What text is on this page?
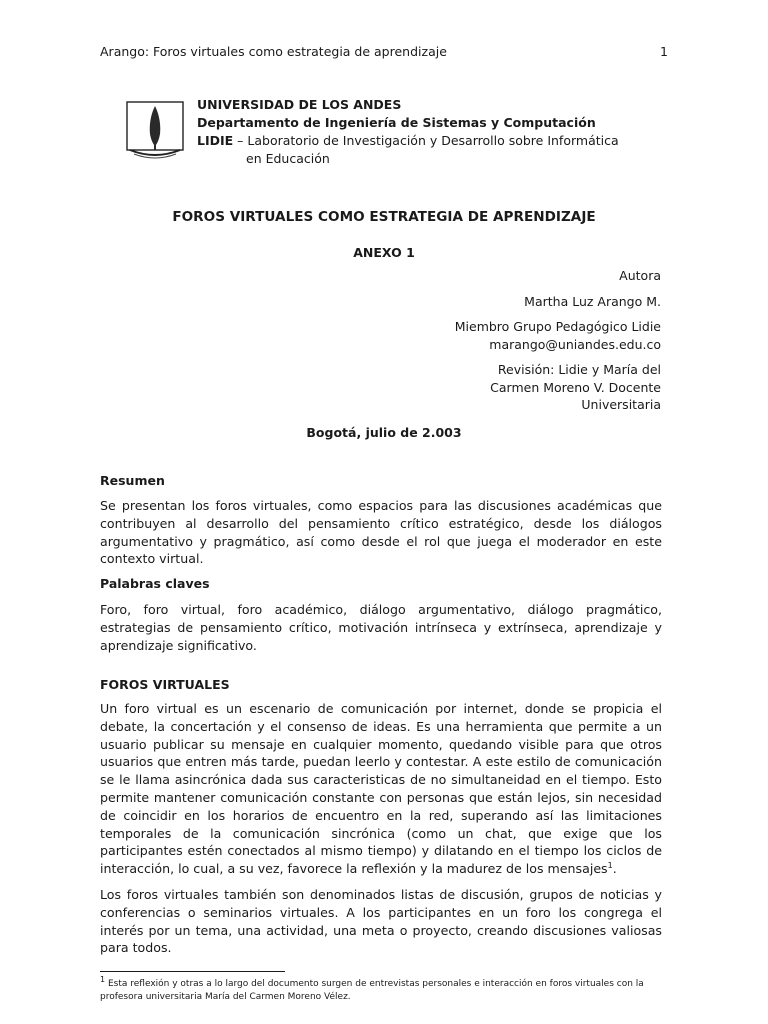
Arango: Foros virtuales como estrategia de aprendizaje	1
UNIVERSIDAD DE LOS ANDES
Departamento de Ingeniería de Sistemas y Computación
LIDIE – Laboratorio de Investigación y Desarrollo sobre Informática
en Educación
FOROS VIRTUALES COMO ESTRATEGIA DE APRENDIZAJE
ANEXO 1
Autora
Martha Luz Arango M.
Miembro Grupo Pedagógico Lidie
marango@uniandes.edu.co
Revisión: Lidie y María del
Carmen Moreno V. Docente
Universitaria
Bogotá, julio de 2.003
Resumen

Se presentan los foros virtuales, como espacios para las discusiones académicas que contribuyen al desarrollo del pensamiento crítico estratégico, desde los diálogos argumentativo y pragmático, así como desde el rol que juega el moderador en este contexto virtual.

Palabras claves

Foro, foro virtual, foro académico, diálogo argumentativo, diálogo pragmático, estrategias de pensamiento crítico, motivación intrínseca y extrínseca, aprendizaje y aprendizaje significativo.

FOROS VIRTUALES

Un foro virtual es un escenario de comunicación por internet, donde se propicia el debate, la concertación y el consenso de ideas. Es una herramienta que permite a un usuario publicar su mensaje en cualquier momento, quedando visible para que otros usuarios que entren más tarde, puedan leerlo y contestar. A este estilo de comunicación se le llama asincrónica dada sus caracteristicas de no simultaneidad en el tiempo. Esto permite mantener comunicación constante con personas que están lejos, sin necesidad de coincidir en los horarios de encuentro en la red, superando así las limitaciones temporales de la comunicación sincrónica (como un chat, que exige que los participantes estén conectados al mismo tiempo) y dilatando en el tiempo los ciclos de interacción, lo cual, a su vez, favorece la reflexión y la madurez de los mensajes$^1$.

Los foros virtuales también son denominados listas de discusión, grupos de noticias y conferencias o seminarios virtuales. A los participantes en un foro los congrega el interés por un tema, una actividad, una meta o proyecto, creando discusiones valiosas para todos.

$^1$ Esta reflexión y otras a lo largo del documento surgen de entrevistas personales e interacción en foros virtuales con la profesora universitaria María del Carmen Moreno Vélez.
